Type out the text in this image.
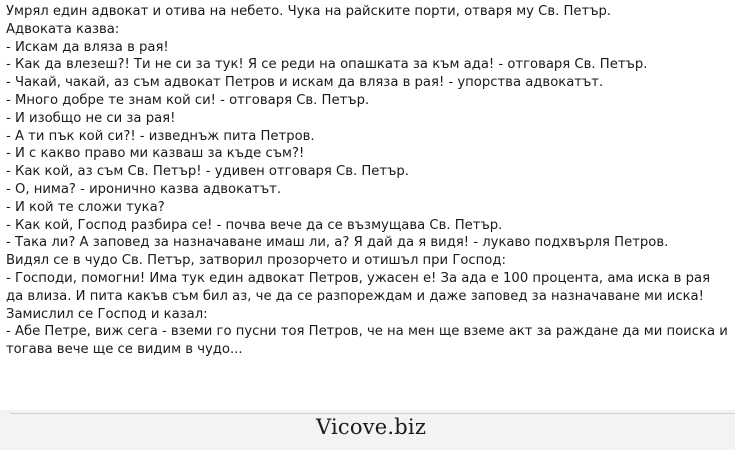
Умрял един адвокат и отива на небето. Чука на райските порти, отваря му Св. Петър.

Адвоката казва:

- Искам да вляза в рая!

- Как да влезеш?! Ти не си за тук! Я се реди на опашката за към ада! - отговаря Св. Петър.

- Чакай, чакай, аз съм адвокат Петров и искам да вляза в рая! - упорства адвокатът.

- Много добре те знам кой си! - отговаря Св. Петър.

- И изобщо не си за рая!

- А ти пък кой си?! - изведнъж пита Петров.

- И с какво право ми казваш за къде съм?!

- Как кой, аз съм Св. Петър! - удивен отговаря Св. Петър.

- О, нима? - иронично казва адвокатът.

- И кой те сложи тука?

- Как кой, Господ разбира се! - почва вече да се възмущава Св. Петър.

- Така ли? А заповед за назначаване имаш ли, а? Я дай да я видя! - лукаво подхвърля Петров.

Видял се в чудо Св. Петър, затворил прозорчето и отишъл при Господ:

- Господи, помогни! Има тук един адвокат Петров, ужасен е! За ада е 100 процента, ама иска в рая да влиза. И пита какъв съм бил аз, че да се разпореждам и даже заповед за назначаване ми иска!

Замислил се Господ и казал:

- Абе Петре, виж сега - вземи го пусни тоя Петров, че на мен ще вземе акт за раждане да ми поиска и тогава вече ще се видим в чудо...

Vicove.biz
